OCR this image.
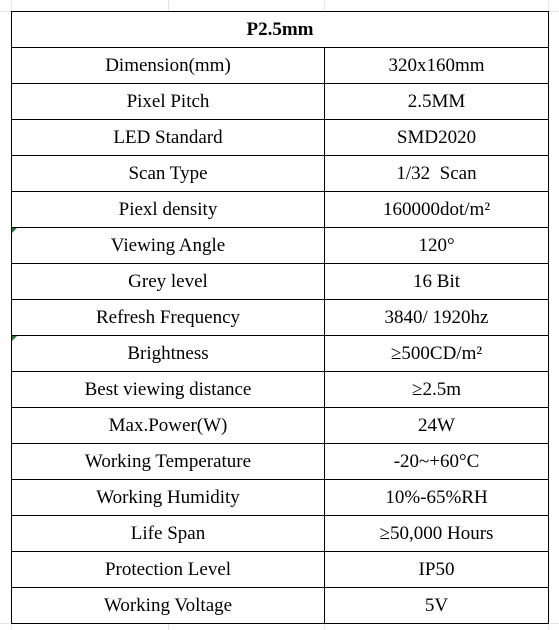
P2.5mm	
Dimension(mm)	320x160mm
Pixel Pitch	2.5MM
LED Standard	SMD2020
Scan Type	1/32  Scan
Piexl density	160000dot/m²
Viewing Angle	120°
Grey level	16 Bit
Refresh Frequency	3840/ 1920hz
Brightness	≥500CD/m²
Best viewing distance	≥2.5m
Max.Power(W)	24W
Working Temperature	-20~+60°C
Working Humidity	10%-65%RH
Life Span	≥50,000 Hours
Protection Level	IP50
Working Voltage	5V
